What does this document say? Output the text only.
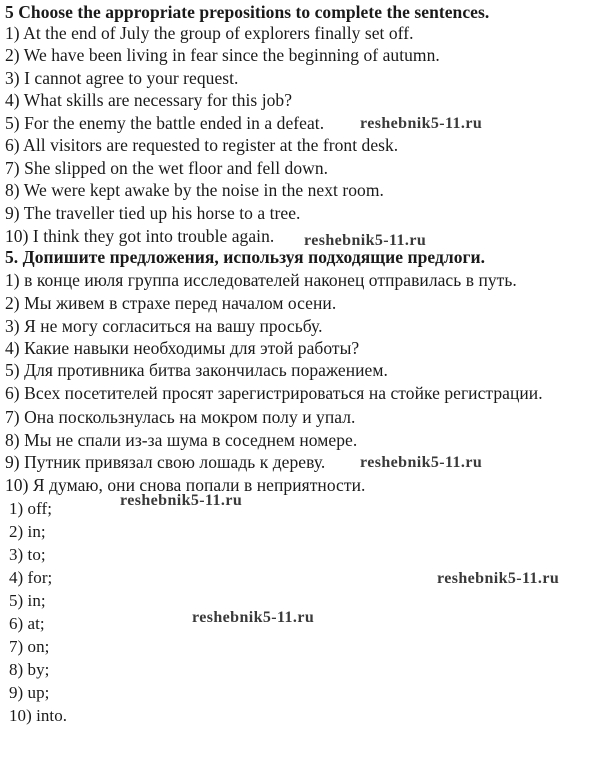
5 Choose the appropriate prepositions to complete the sentences.
1) At the end of July the group of explorers finally set off.
2) We have been living in fear since the beginning of autumn.
3) I cannot agree to your request.
4) What skills are necessary for this job?
5) For the enemy the battle ended in a defeat.
6) All visitors are requested to register at the front desk.
7) She slipped on the wet floor and fell down.
8) We were kept awake by the noise in the next room.
9) The traveller tied up his horse to a tree.
10) I think they got into trouble again.
5. Допишите предложения, используя подходящие предлоги.
1) в конце июля группа исследователей наконец отправилась в путь.
2) Мы живем в страхе перед началом осени.
3) Я не могу согласиться на вашу просьбу.
4) Какие навыки необходимы для этой работы?
5) Для противника битва закончилась поражением.
6) Всех посетителей просят зарегистрироваться на стойке регистрации.
7) Она поскользнулась на мокром полу и упал.
8) Мы не спали из-за шума в соседнем номере.
9) Путник привязал свою лошадь к дереву.
10) Я думаю, они снова попали в неприятности.
1) off;
2) in;
3) to;
4) for;
5) in;
6) at;
7) on;
8) by;
9) up;
10) into.
reshebnik5-11.ru
reshebnik5-11.ru
reshebnik5-11.ru
reshebnik5-11.ru
reshebnik5-11.ru
reshebnik5-11.ru
